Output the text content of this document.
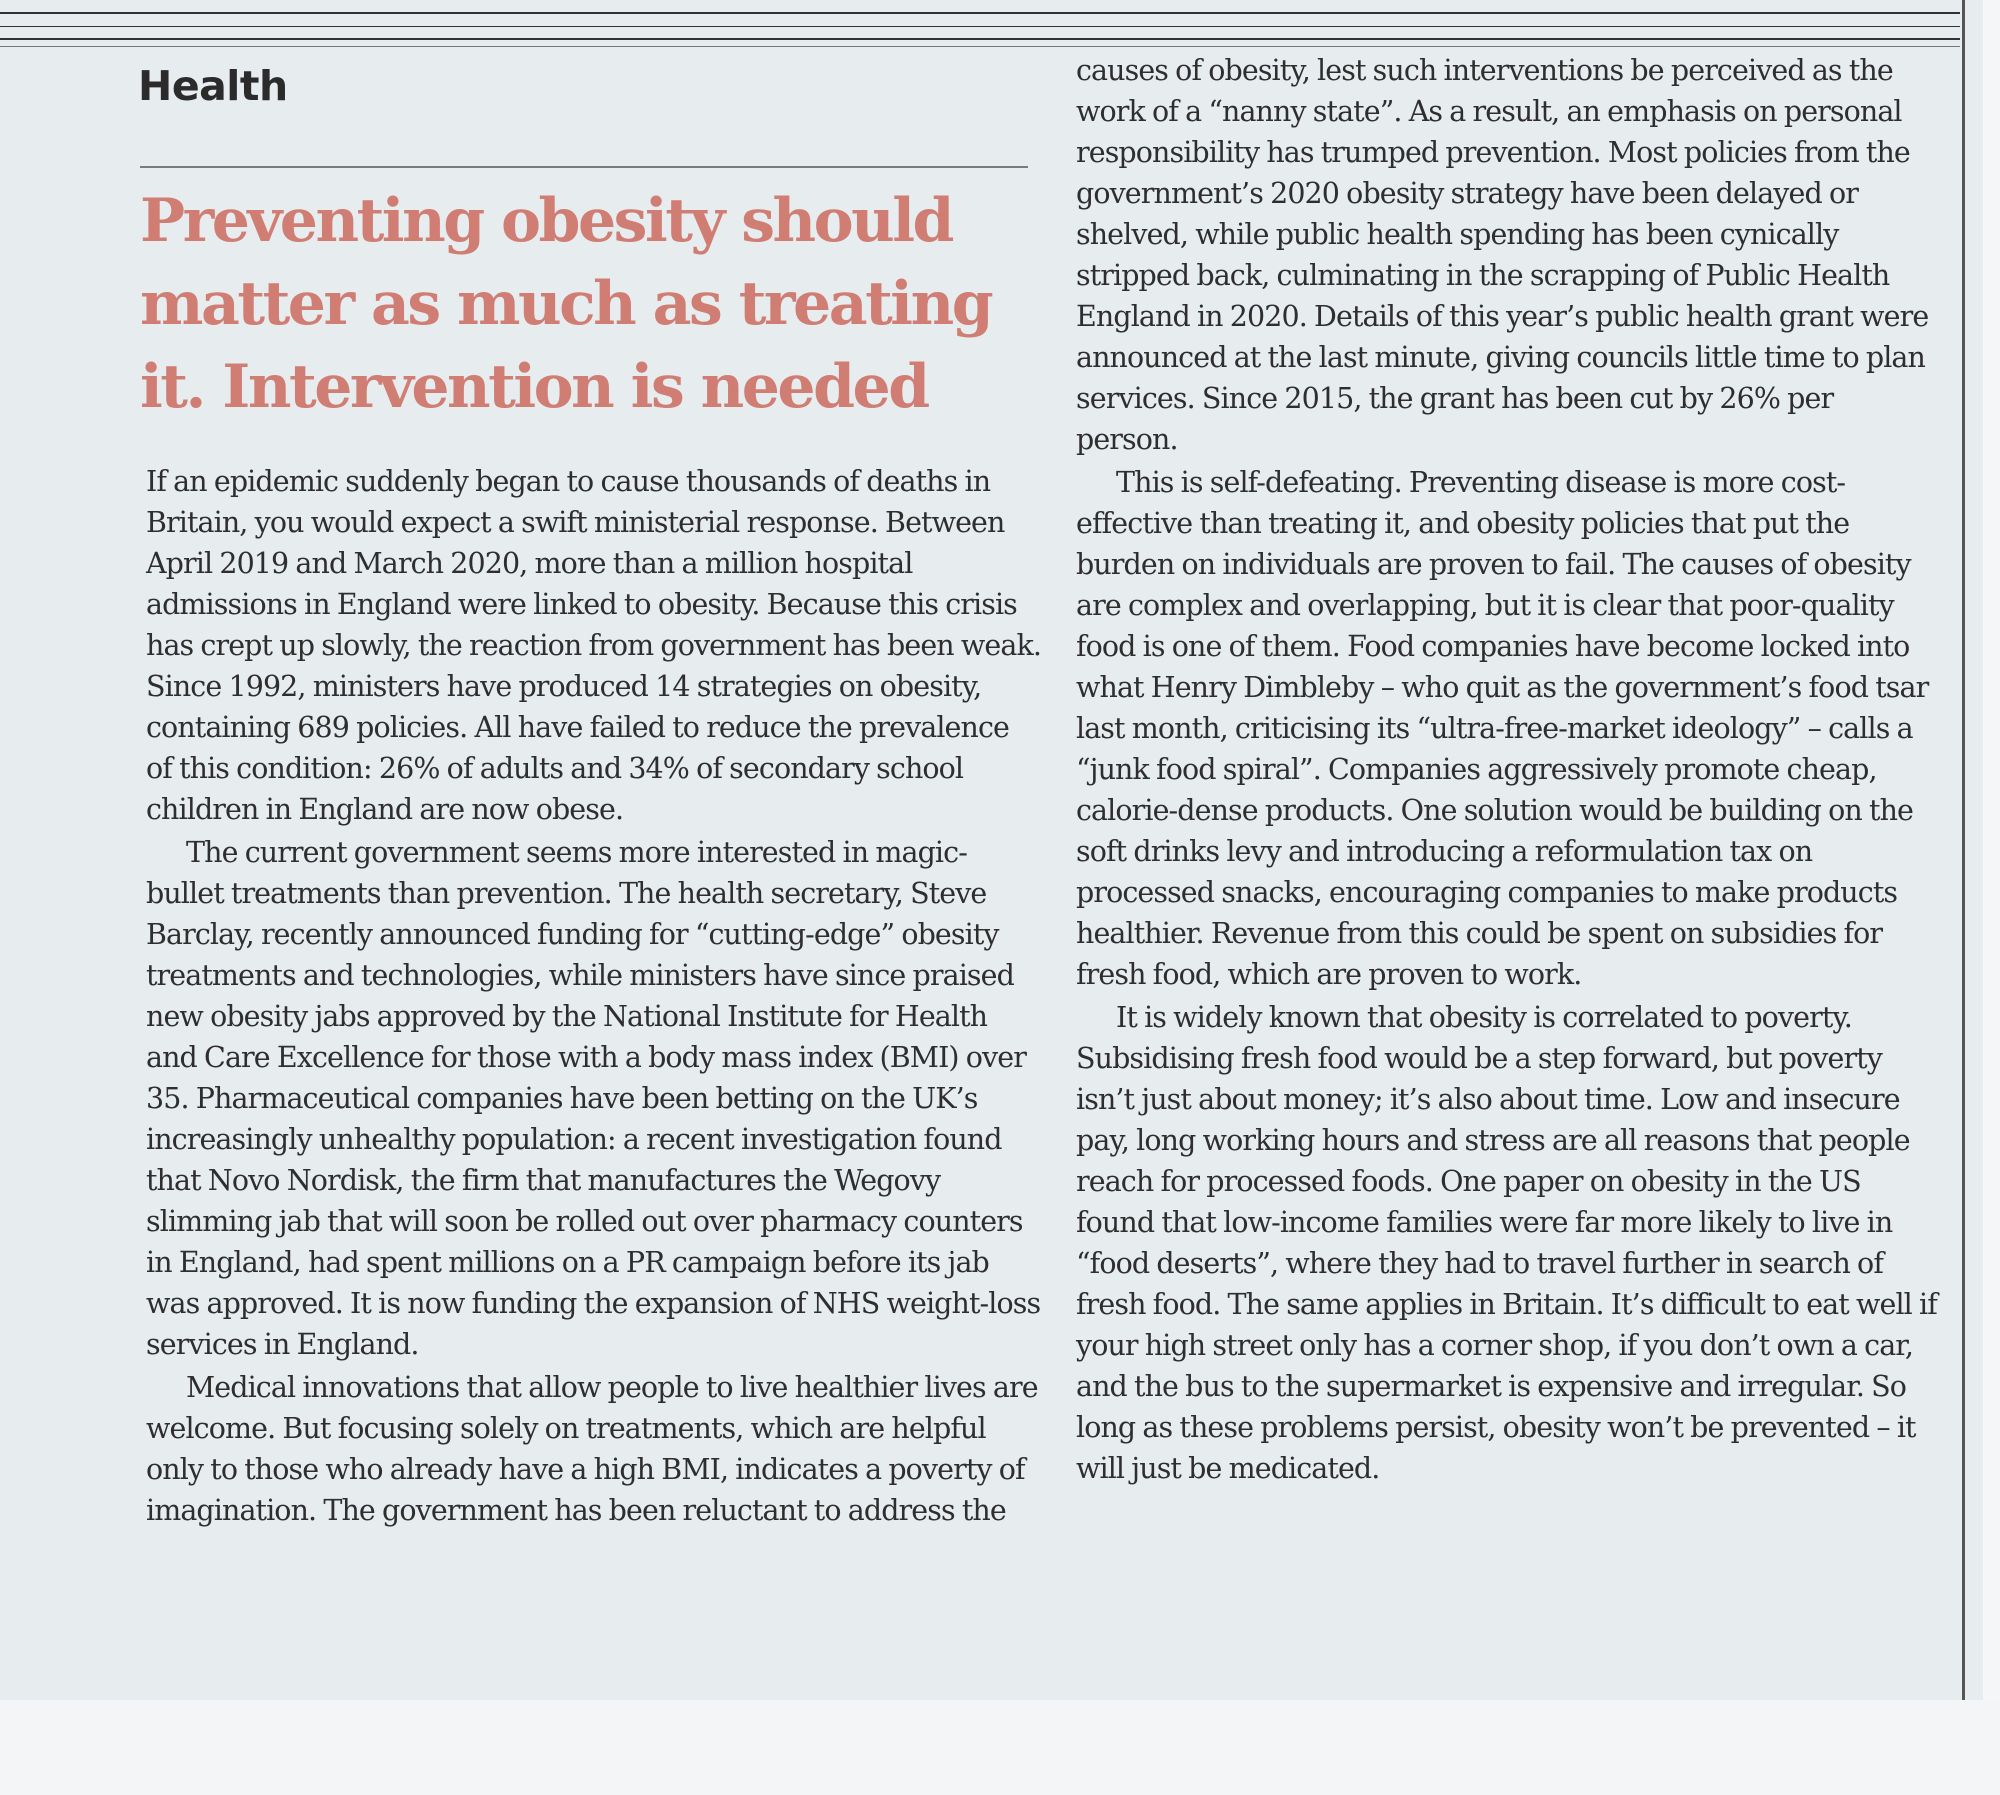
Health
Preventing obesity should matter as much as treating it. Intervention is needed

If an epidemic suddenly began to cause thousands of deaths in Britain, you would expect a swift ministerial response. Between April 2019 and March 2020, more than a million hospital admissions in England were linked to obesity. Because this crisis has crept up slowly, the reaction from government has been weak. Since 1992, ministers have produced 14 strategies on obesity, containing 689 policies. All have failed to reduce the prevalence of this condition: 26% of adults and 34% of secondary school children in England are now obese.

The current government seems more interested in magic-bullet treatments than prevention. The health secretary, Steve Barclay, recently announced funding for “cutting-edge” obesity treatments and technologies, while ministers have since praised new obesity jabs approved by the National Institute for Health and Care Excellence for those with a body mass index (BMI) over 35. Pharmaceutical companies have been betting on the UK’s increasingly unhealthy population: a recent investigation found that Novo Nordisk, the firm that manufactures the Wegovy slimming jab that will soon be rolled out over pharmacy counters in England, had spent millions on a PR campaign before its jab was approved. It is now funding the expansion of NHS weight-loss services in England.

Medical innovations that allow people to live healthier lives are welcome. But focusing solely on treatments, which are helpful only to those who already have a high BMI, indicates a poverty of imagination. The government has been reluctant to address the

causes of obesity, lest such interventions be perceived as the work of a “nanny state”. As a result, an emphasis on personal responsibility has trumped prevention. Most policies from the government’s 2020 obesity strategy have been delayed or shelved, while public health spending has been cynically stripped back, culminating in the scrapping of Public Health England in 2020. Details of this year’s public health grant were announced at the last minute, giving councils little time to plan services. Since 2015, the grant has been cut by 26% per person.

This is self-defeating. Preventing disease is more cost-effective than treating it, and obesity policies that put the burden on individuals are proven to fail. The causes of obesity are complex and overlapping, but it is clear that poor-quality food is one of them. Food companies have become locked into what Henry Dimbleby – who quit as the government’s food tsar last month, criticising its “ultra-free-market ideology” – calls a “junk food spiral”. Companies aggressively promote cheap, calorie-dense products. One solution would be building on the soft drinks levy and introducing a reformulation tax on processed snacks, encouraging companies to make products healthier. Revenue from this could be spent on subsidies for fresh food, which are proven to work.

It is widely known that obesity is correlated to poverty. Subsidising fresh food would be a step forward, but poverty isn’t just about money; it’s also about time. Low and insecure pay, long working hours and stress are all reasons that people reach for processed foods. One paper on obesity in the US found that low-income families were far more likely to live in “food deserts”, where they had to travel further in search of fresh food. The same applies in Britain. It’s difficult to eat well if your high street only has a corner shop, if you don’t own a car, and the bus to the supermarket is expensive and irregular. So long as these problems persist, obesity won’t be prevented – it will just be medicated.
